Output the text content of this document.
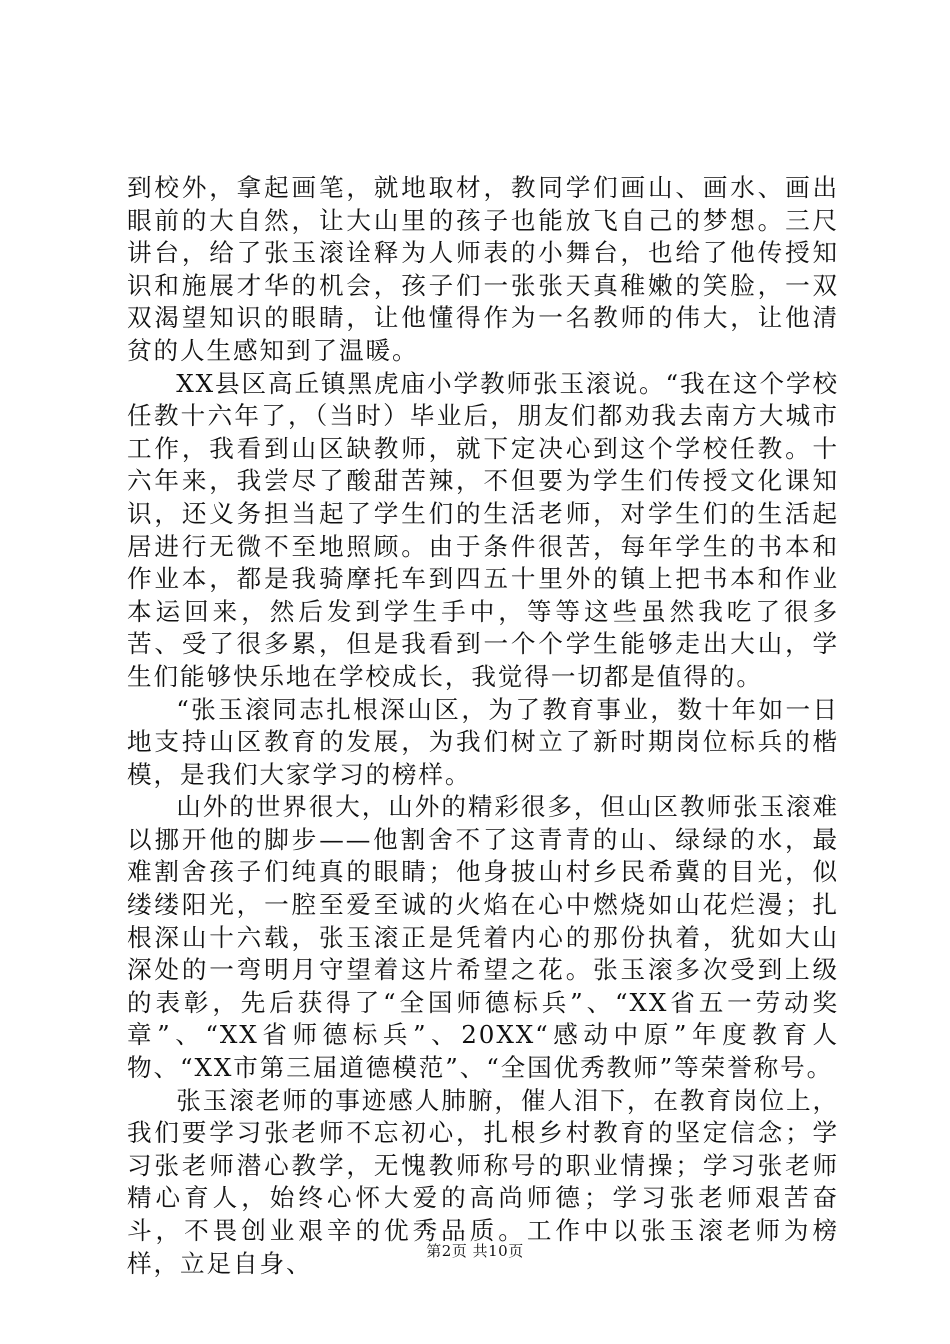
到校外，拿起画笔，就地取材，教同学们画山、画水、画出眼前的大自然，让大山里的孩子也能放飞自己的梦想。三尺讲台，给了张玉滚诠释为人师表的小舞台，也给了他传授知识和施展才华的机会，孩子们一张张天真稚嫩的笑脸，一双双渴望知识的眼睛，让他懂得作为一名教师的伟大，让他清贫的人生感知到了温暖。

XX县区高丘镇黑虎庙小学教师张玉滚说。“我在这个学校任教十六年了，（当时）毕业后，朋友们都劝我去南方大城市工作，我看到山区缺教师，就下定决心到这个学校任教。十六年来，我尝尽了酸甜苦辣，不但要为学生们传授文化课知识，还义务担当起了学生们的生活老师，对学生们的生活起居进行无微不至地照顾。由于条件很苦，每年学生的书本和作业本，都是我骑摩托车到四五十里外的镇上把书本和作业本运回来，然后发到学生手中，等等这些虽然我吃了很多苦、受了很多累，但是我看到一个个学生能够走出大山，学生们能够快乐地在学校成长，我觉得一切都是值得的。

“张玉滚同志扎根深山区，为了教育事业，数十年如一日地支持山区教育的发展，为我们树立了新时期岗位标兵的楷模，是我们大家学习的榜样。

山外的世界很大，山外的精彩很多，但山区教师张玉滚难以挪开他的脚步——他割舍不了这青青的山、绿绿的水，最难割舍孩子们纯真的眼睛；他身披山村乡民希冀的目光，似缕缕阳光，一腔至爱至诚的火焰在心中燃烧如山花烂漫；扎根深山十六载，张玉滚正是凭着内心的那份执着，犹如大山深处的一弯明月守望着这片希望之花。张玉滚多次受到上级的表彰，先后获得了“全国师德标兵”、“XX省五一劳动奖章”、“XX省师德标兵”、20XX“感动中原”年度教育人物、“XX市第三届道德模范”、“全国优秀教师”等荣誉称号。

张玉滚老师的事迹感人肺腑，催人泪下，在教育岗位上，我们要学习张老师不忘初心，扎根乡村教育的坚定信念；学习张老师潜心教学，无愧教师称号的职业情操；学习张老师精心育人，始终心怀大爱的高尚师德；学习张老师艰苦奋斗，不畏创业艰辛的优秀品质。工作中以张玉滚老师为榜样，立足自身、	第2页 共10页
